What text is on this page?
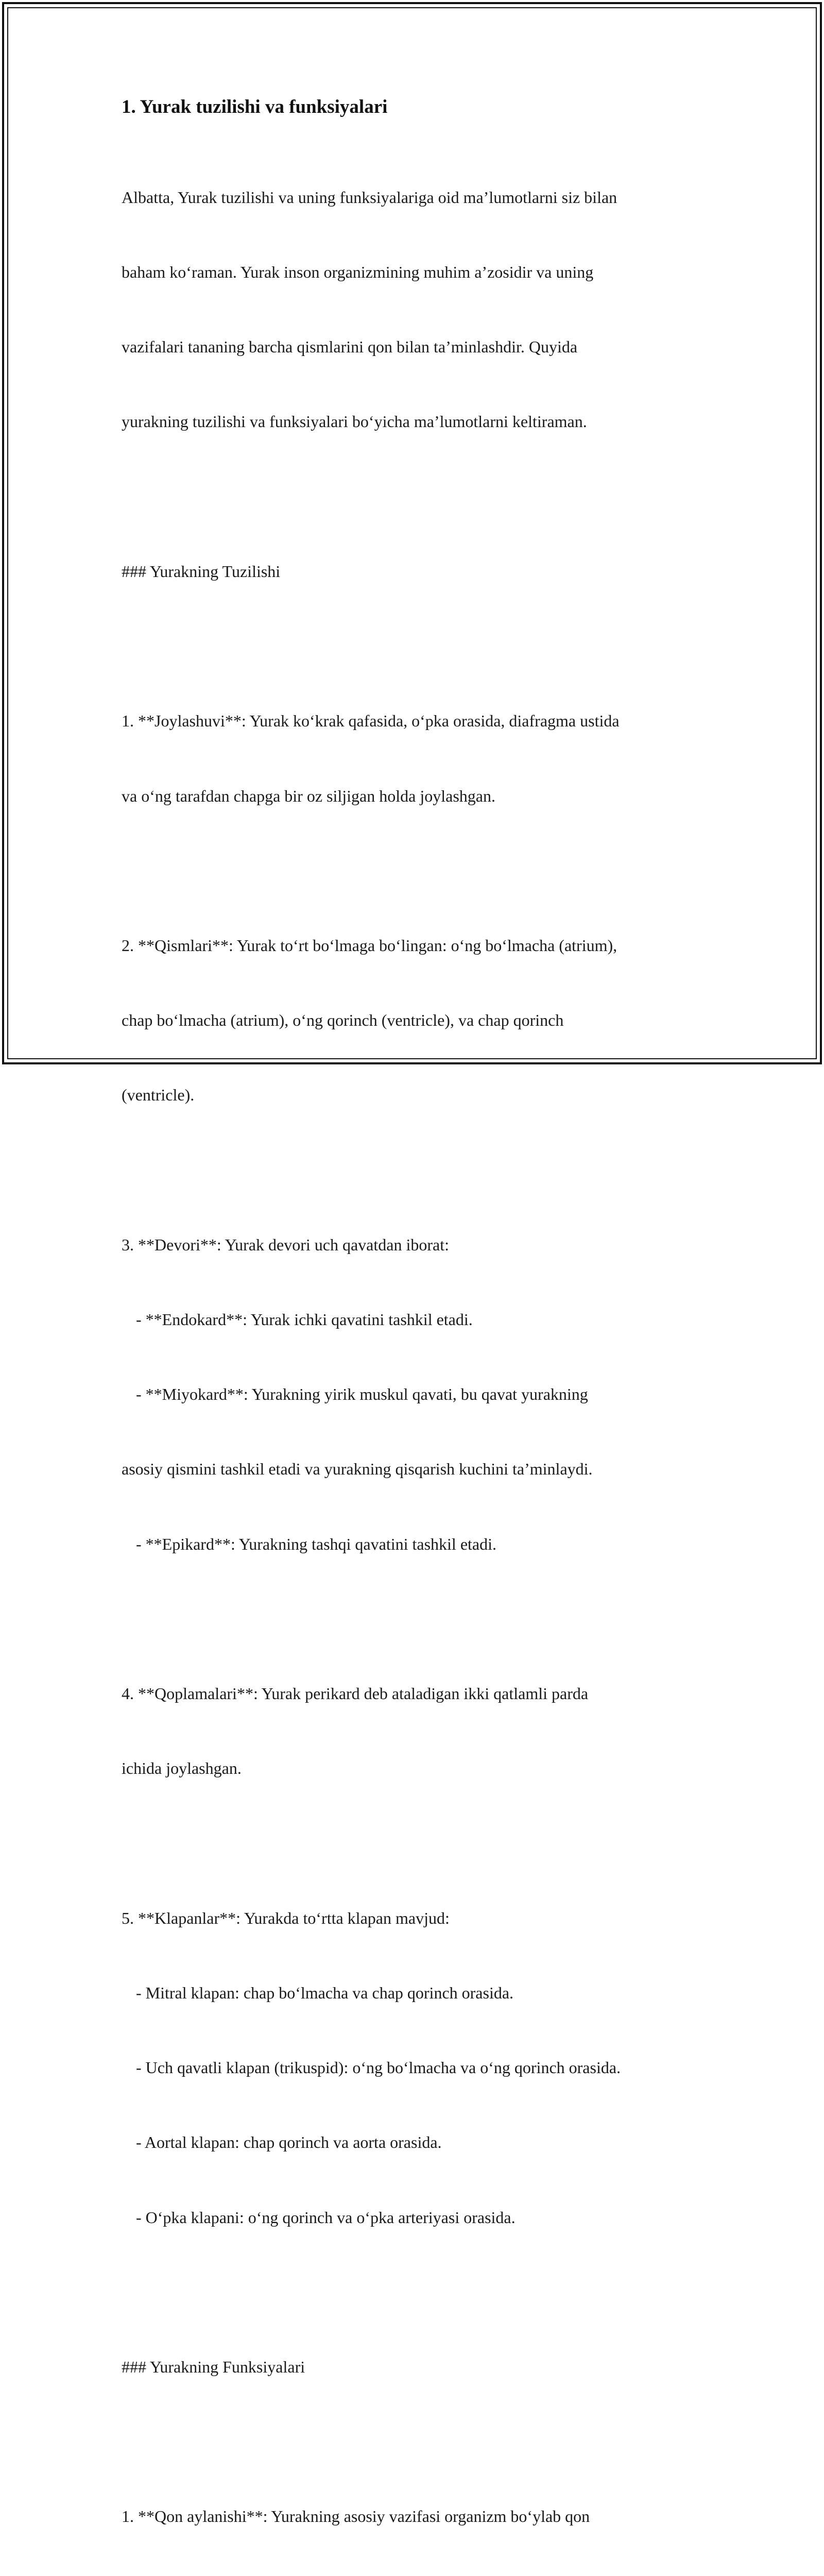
1. Yurak tuzilishi va funksiyalari

Albatta, Yurak tuzilishi va uning funksiyalariga oid ma’lumotlarni siz bilan

baham ko‘raman. Yurak inson organizmining muhim a’zosidir va uning

vazifalari tananing barcha qismlarini qon bilan ta’minlashdir. Quyida

yurakning tuzilishi va funksiyalari bo‘yicha ma’lumotlarni keltiraman.

### Yurakning Tuzilishi

1. **Joylashuvi**: Yurak ko‘krak qafasida, o‘pka orasida, diafragma ustida

va o‘ng tarafdan chapga bir oz siljigan holda joylashgan.

2. **Qismlari**: Yurak to‘rt bo‘lmaga bo‘lingan: o‘ng bo‘lmacha (atrium),

chap bo‘lmacha (atrium), o‘ng qorinch (ventricle), va chap qorinch

(ventricle).

3. **Devori**: Yurak devori uch qavatdan iborat:

- **Endokard**: Yurak ichki qavatini tashkil etadi.

- **Miyokard**: Yurakning yirik muskul qavati, bu qavat yurakning

asosiy qismini tashkil etadi va yurakning qisqarish kuchini ta’minlaydi.

- **Epikard**: Yurakning tashqi qavatini tashkil etadi.

4. **Qoplamalari**: Yurak perikard deb ataladigan ikki qatlamli parda

ichida joylashgan.

5. **Klapanlar**: Yurakda to‘rtta klapan mavjud:

- Mitral klapan: chap bo‘lmacha va chap qorinch orasida.

- Uch qavatli klapan (trikuspid): o‘ng bo‘lmacha va o‘ng qorinch orasida.

- Aortal klapan: chap qorinch va aorta orasida.

- O‘pka klapani: o‘ng qorinch va o‘pka arteriyasi orasida.

### Yurakning Funksiyalari

1. **Qon aylanishi**: Yurakning asosiy vazifasi organizm bo‘ylab qon
